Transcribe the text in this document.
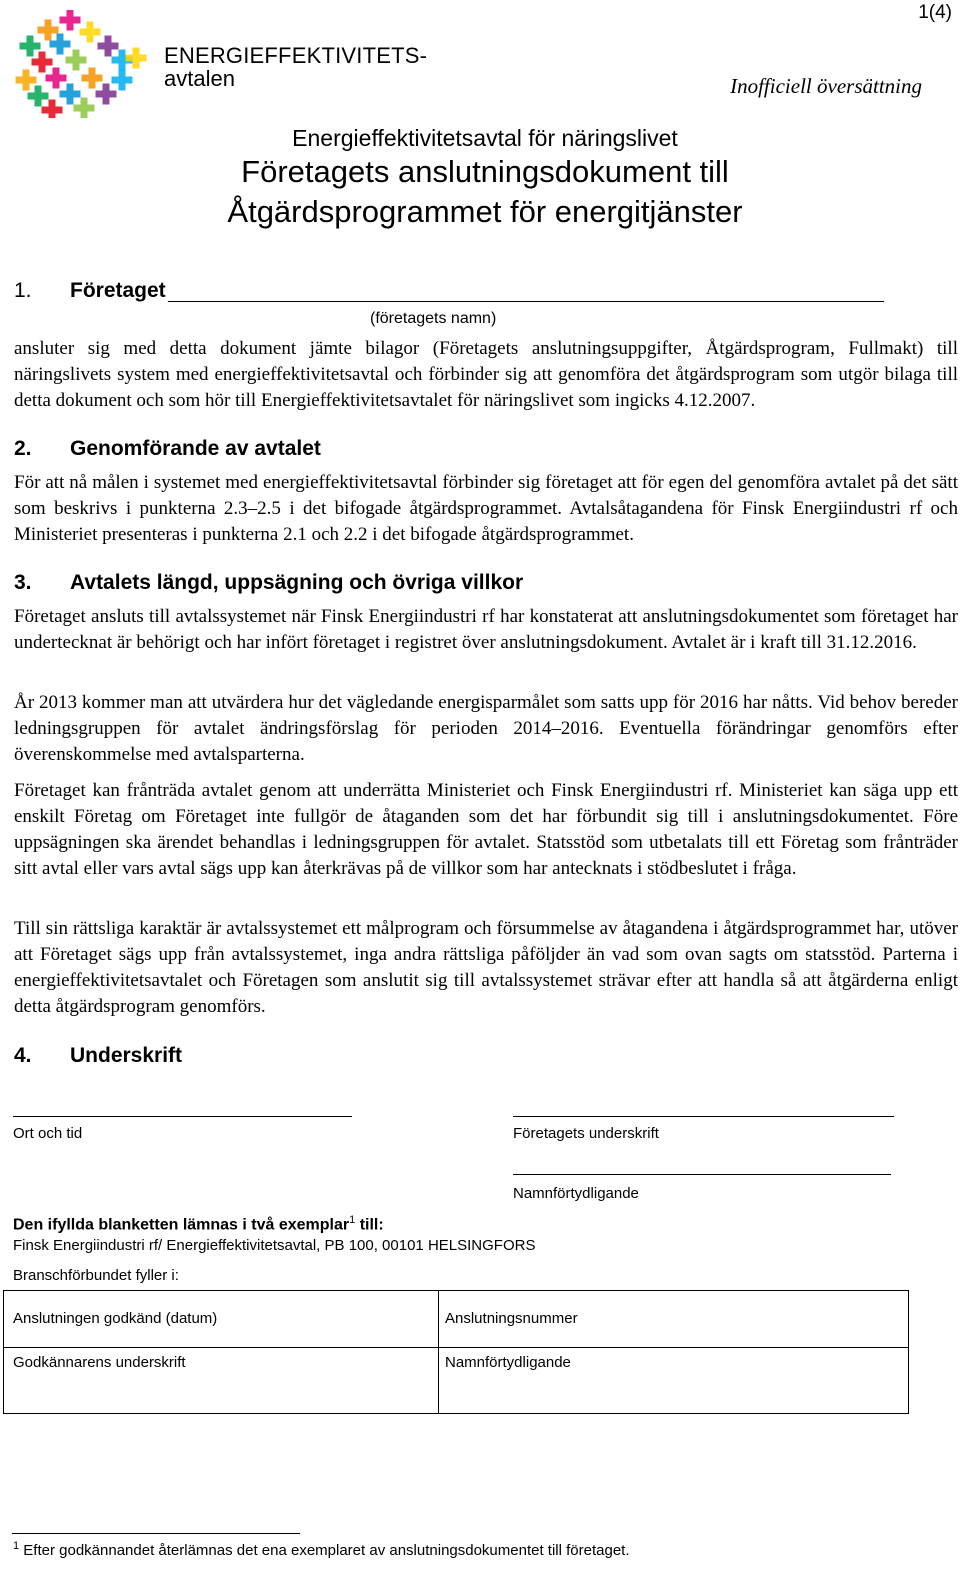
1(4)
ENERGIEFFEKTIVITETS-
avtalen	Inofficiell översättning
Energieffektivitetsavtal för näringslivet
Företagets anslutningsdokument till
Åtgärdsprogrammet för energitjänster
1. Företaget
(företagets namn)
ansluter sig med detta dokument jämte bilagor (Företagets anslutningsuppgifter, Åtgärdsprogram, Fullmakt) till näringslivets system med energieffektivitetsavtal och förbinder sig att genomföra det åtgärdsprogram som utgör bilaga till detta dokument och som hör till Energieffektivitetsavtalet för näringslivet som ingicks 4.12.2007.
2. Genomförande av avtalet
För att nå målen i systemet med energieffektivitetsavtal förbinder sig företaget att för egen del genomföra avtalet på det sätt som beskrivs i punkterna 2.3–2.5 i det bifogade åtgärdsprogrammet. Avtalsåtagandena för Finsk Energiindustri rf och Ministeriet presenteras i punkterna 2.1 och 2.2 i det bifogade åtgärdsprogrammet.
3. Avtalets längd, uppsägning och övriga villkor
Företaget ansluts till avtalssystemet när Finsk Energiindustri rf har konstaterat att anslutningsdokumentet som företaget har undertecknat är behörigt och har infört företaget i registret över anslutningsdokument. Avtalet är i kraft till 31.12.2016.
År 2013 kommer man att utvärdera hur det vägledande energisparmålet som satts upp för 2016 har nåtts. Vid behov bereder ledningsgruppen för avtalet ändringsförslag för perioden 2014–2016. Eventuella förändringar genomförs efter överenskommelse med avtalsparterna.
Företaget kan frånträda avtalet genom att underrätta Ministeriet och Finsk Energiindustri rf. Ministeriet kan säga upp ett enskilt Företag om Företaget inte fullgör de åtaganden som det har förbundit sig till i anslutningsdokumentet. Före uppsägningen ska ärendet behandlas i ledningsgruppen för avtalet. Statsstöd som utbetalats till ett Företag som frånträder sitt avtal eller vars avtal sägs upp kan återkrävas på de villkor som har antecknats i stödbeslutet i fråga.
Till sin rättsliga karaktär är avtalssystemet ett målprogram och försummelse av åtagandena i åtgärdsprogrammet har, utöver att Företaget sägs upp från avtalssystemet, inga andra rättsliga påföljder än vad som ovan sagts om statsstöd. Parterna i energieffektivitetsavtalet och Företagen som anslutit sig till avtalssystemet strävar efter att handla så att åtgärderna enligt detta åtgärdsprogram genomförs.
4. Underskrift
Ort och tid	Företagets underskrift
Namnförtydligande
Den ifyllda blanketten lämnas i två exemplar$^1$ till:
Finsk Energiindustri rf/ Energieffektivitetsavtal, PB 100, 00101 HELSINGFORS
Branschförbundet fyller i:
Anslutningen godkänd (datum)	Anslutningsnummer
Godkännarens underskrift	Namnförtydligande
$^1$ Efter godkännandet återlämnas det ena exemplaret av anslutningsdokumentet till företaget.
